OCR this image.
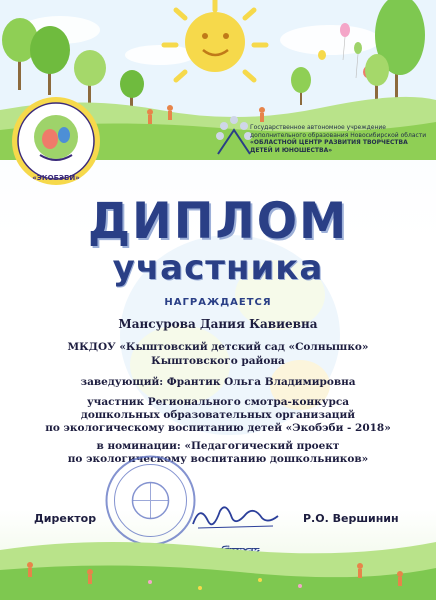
«ЭКОБЭБИ»
Государственное автономное учреждение
дополнительного образования Новосибирской области
«ОБЛАСТНОЙ ЦЕНТР РАЗВИТИЯ ТВОРЧЕСТВА
ДЕТЕЙ И ЮНОШЕСТВА»
ДИПЛОМ
участника
НАГРАЖДАЕТСЯ
Мансурова Дания Кавиевна
МКДОУ «Кыштовский детский сад «Солнышко»
Кыштовского района
заведующий: Франтик Ольга Владимировна
участник Регионального смотра-конкурса
дошкольных образовательных организаций
по экологическому воспитанию детей «Экобэби - 2018»
в номинации: «Педагогический проект
по экологическому воспитанию дошкольников»
Директор	Р.О. Вершинин
